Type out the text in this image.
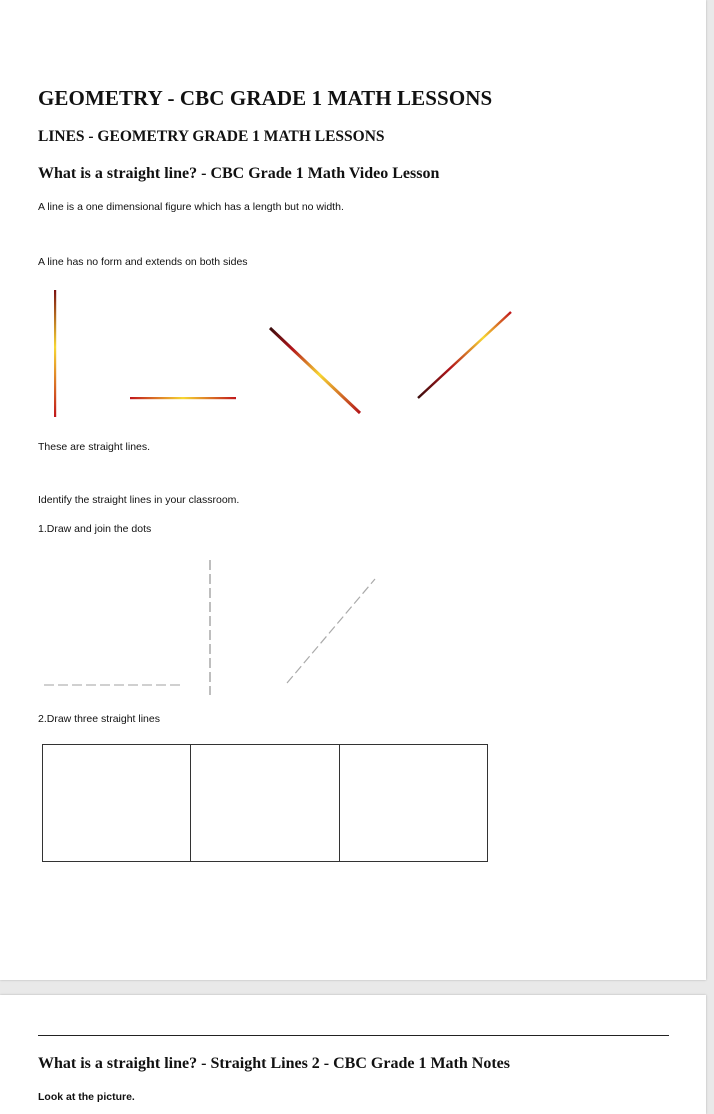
GEOMETRY - CBC GRADE 1 MATH LESSONS
LINES - GEOMETRY GRADE 1 MATH LESSONS
What is a straight line? - CBC Grade 1 Math Video Lesson

A line is a one dimensional figure which has a length but no width.

A line has no form and extends on both sides

These are straight lines.

Identify the straight lines in your classroom.

1.Draw and join the dots

2.Draw three straight lines

What is a straight line? - Straight Lines 2 - CBC Grade 1 Math Notes

Look at the picture.
